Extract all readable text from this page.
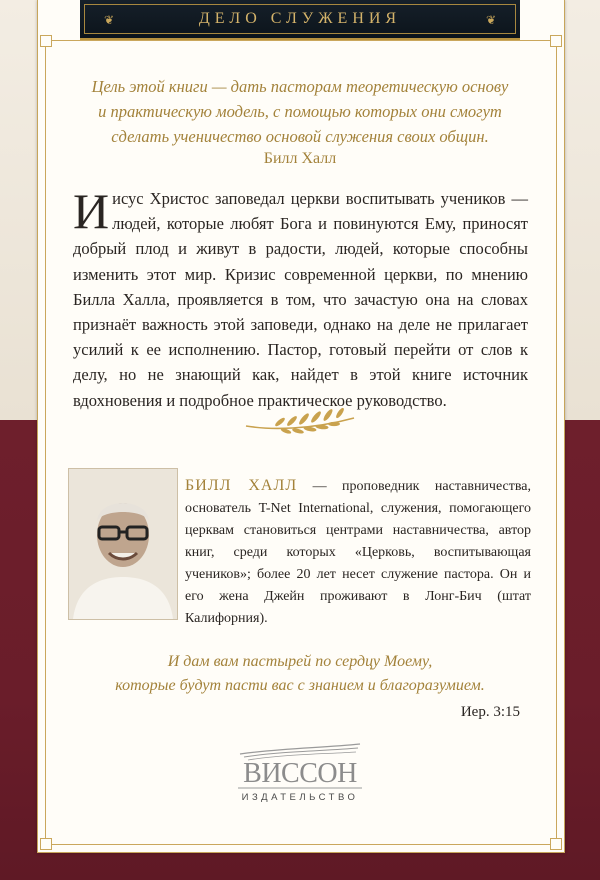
❦	ДЕЛО СЛУЖЕНИЯ	❦
Цель этой книги — дать пасторам теоретическую основу
и практическую модель, с помощью которых они смогут
сделать ученичество основой служения своих общин.
Билл Халл
Иисус Христос заповедал церкви воспитывать учеников — людей, которые любят Бога и повинуются Ему, приносят добрый плод и живут в радости, людей, которые способны изменить этот мир. Кризис современной церкви, по мнению Билла Халла, проявляется в том, что зачастую она на словах признаёт важность этой заповеди, однако на деле не прилагает усилий к ее исполнению. Пастор, готовый перейти от слов к делу, но не знающий как, найдет в этой книге источник вдохновения и подробное практическое руководство.
БИЛЛ ХАЛЛ — проповедник наставничества, основатель T-Net International, служения, помогающего церквам становиться центрами наставничества, автор книг, среди которых «Церковь, воспитывающая учеников»; более 20 лет несет служение пастора. Он и его жена Джейн проживают в Лонг-Бич (штат Калифорния).
И дам вам пастырей по сердцу Моему,
которые будут пасти вас с знанием и благоразумием.
Иер. 3:15
ВИССОН
ИЗДАТЕЛЬСТВО
